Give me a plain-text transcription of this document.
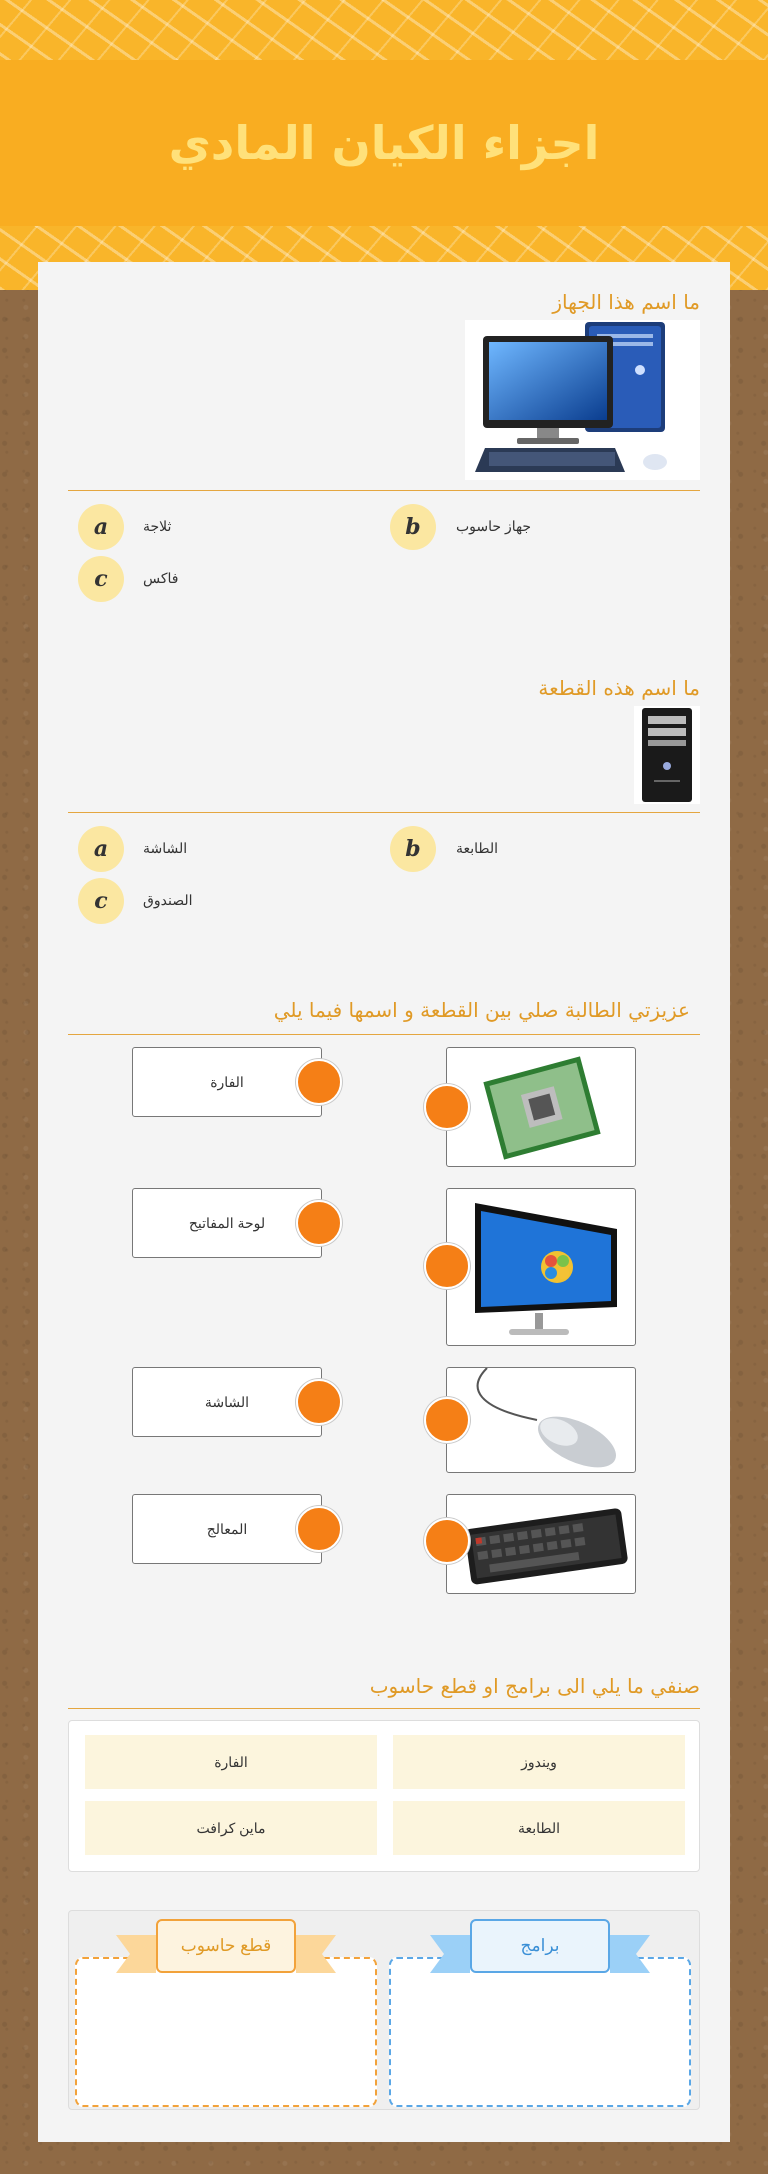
اجزاء الكيان المادي
ما اسم هذا الجهاز
a	ثلاجة	b	جهاز حاسوب
c	فاكس
ما اسم هذه القطعة
a	الشاشة	b	الطابعة
c	الصندوق
عزيزتي الطالبة صلي بين القطعة و اسمها فيما يلي
الفارة
لوحة المفاتيح
الشاشة
المعالج
صنفي ما يلي الى برامج او قطع حاسوب
ويندوز
الفارة
الطابعة
ماين كرافت
برامج
قطع حاسوب
